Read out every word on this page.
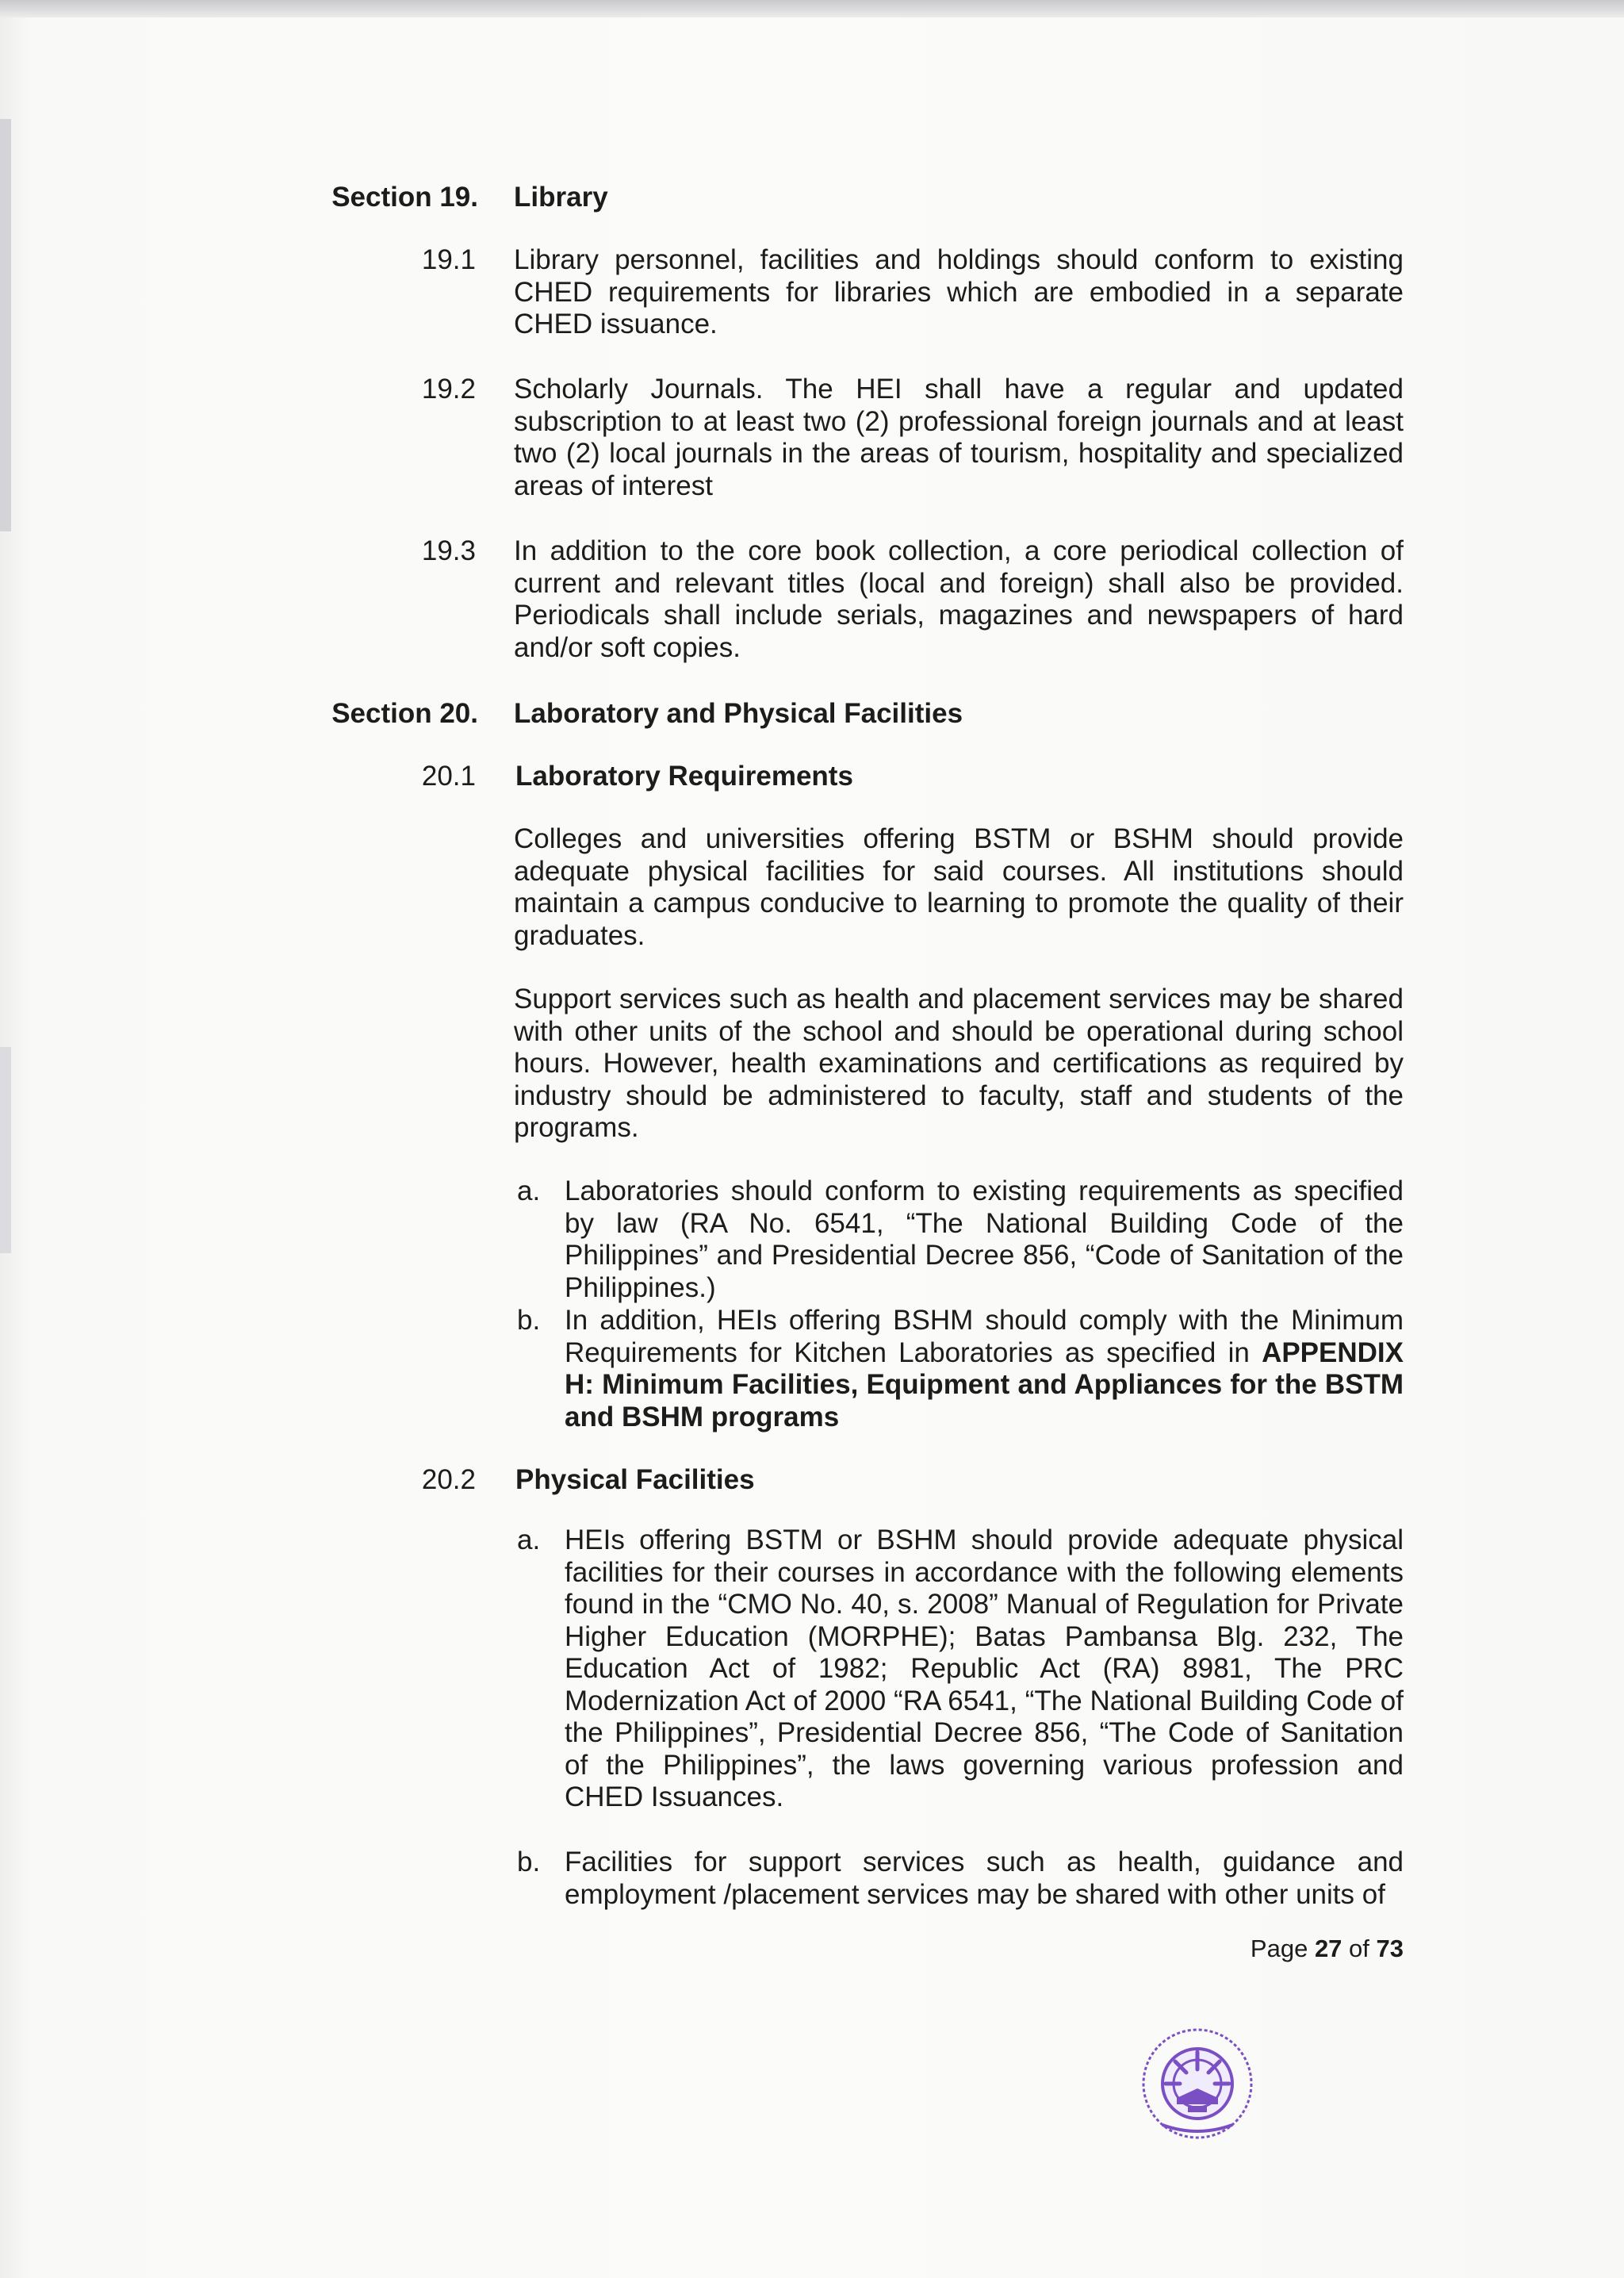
Section 19. Library
19.1 Library personnel, facilities and holdings should conform to existing CHED requirements for libraries which are embodied in a separate CHED issuance.

19.2 Scholarly Journals. The HEI shall have a regular and updated subscription to at least two (2) professional foreign journals and at least two (2) local journals in the areas of tourism, hospitality and specialized areas of interest

19.3 In addition to the core book collection, a core periodical collection of current and relevant titles (local and foreign) shall also be provided. Periodicals shall include serials, magazines and newspapers of hard and/or soft copies.

Section 20. Laboratory and Physical Facilities
20.1 Laboratory Requirements

Colleges and universities offering BSTM or BSHM should provide adequate physical facilities for said courses. All institutions should maintain a campus conducive to learning to promote the quality of their graduates.

Support services such as health and placement services may be shared with other units of the school and should be operational during school hours. However, health examinations and certifications as required by industry should be administered to faculty, staff and students of the programs.

a. Laboratories should conform to existing requirements as specified by law (RA No. 6541, “The National Building Code of the Philippines” and Presidential Decree 856, “Code of Sanitation of the Philippines.)
b. In addition, HEIs offering BSHM should comply with the Minimum Requirements for Kitchen Laboratories as specified in APPENDIX H: Minimum Facilities, Equipment and Appliances for the BSTM and BSHM programs
20.2 Physical Facilities
a. HEIs offering BSTM or BSHM should provide adequate physical facilities for their courses in accordance with the following elements found in the “CMO No. 40, s. 2008” Manual of Regulation for Private Higher Education (MORPHE); Batas Pambansa Blg. 232, The Education Act of 1982; Republic Act (RA) 8981, The PRC Modernization Act of 2000 “RA 6541, “The National Building Code of the Philippines”, Presidential Decree 856, “The Code of Sanitation of the Philippines”, the laws governing various profession and CHED Issuances.
b. Facilities for support services such as health, guidance and employment /placement services may be shared with other units of
Page 27 of 73
